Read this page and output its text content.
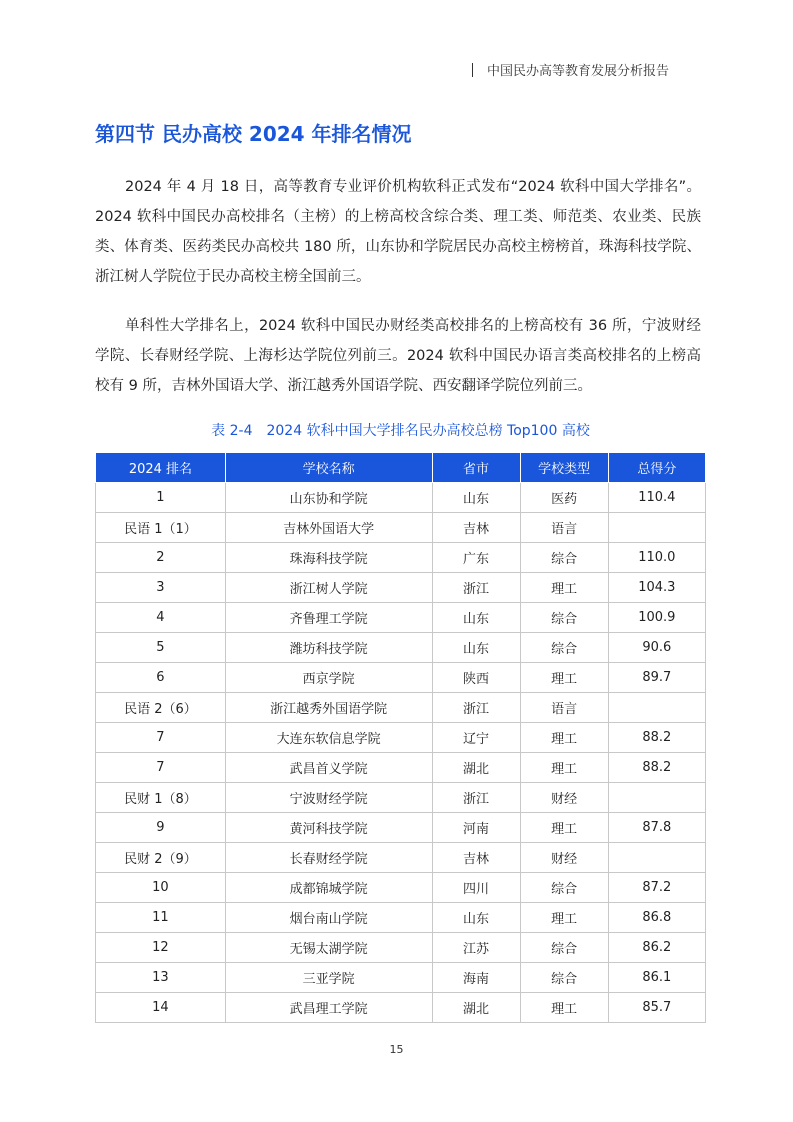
中国民办高等教育发展分析报告
第四节 民办高校 2024 年排名情况

2024 年 4 月 18 日，高等教育专业评价机构软科正式发布“2024 软科中国大学排名”。2024 软科中国民办高校排名（主榜）的上榜高校含综合类、理工类、师范类、农业类、民族类、体育类、医药类民办高校共 180 所，山东协和学院居民办高校主榜榜首，珠海科技学院、浙江树人学院位于民办高校主榜全国前三。

单科性大学排名上，2024 软科中国民办财经类高校排名的上榜高校有 36 所，宁波财经学院、长春财经学院、上海杉达学院位列前三。2024 软科中国民办语言类高校排名的上榜高校有 9 所，吉林外国语大学、浙江越秀外国语学院、西安翻译学院位列前三。

表 2-4　2024 软科中国大学排名民办高校总榜 Top100 高校
2024 排名	学校名称	省市	学校类型	总得分
1	山东协和学院	山东	医药	110.4
民语 1（1）	吉林外国语大学	吉林	语言	
2	珠海科技学院	广东	综合	110.0
3	浙江树人学院	浙江	理工	104.3
4	齐鲁理工学院	山东	综合	100.9
5	潍坊科技学院	山东	综合	90.6
6	西京学院	陕西	理工	89.7
民语 2（6）	浙江越秀外国语学院	浙江	语言	
7	大连东软信息学院	辽宁	理工	88.2
7	武昌首义学院	湖北	理工	88.2
民财 1（8）	宁波财经学院	浙江	财经	
9	黄河科技学院	河南	理工	87.8
民财 2（9）	长春财经学院	吉林	财经	
10	成都锦城学院	四川	综合	87.2
11	烟台南山学院	山东	理工	86.8
12	无锡太湖学院	江苏	综合	86.2
13	三亚学院	海南	综合	86.1
14	武昌理工学院	湖北	理工	85.7
15
